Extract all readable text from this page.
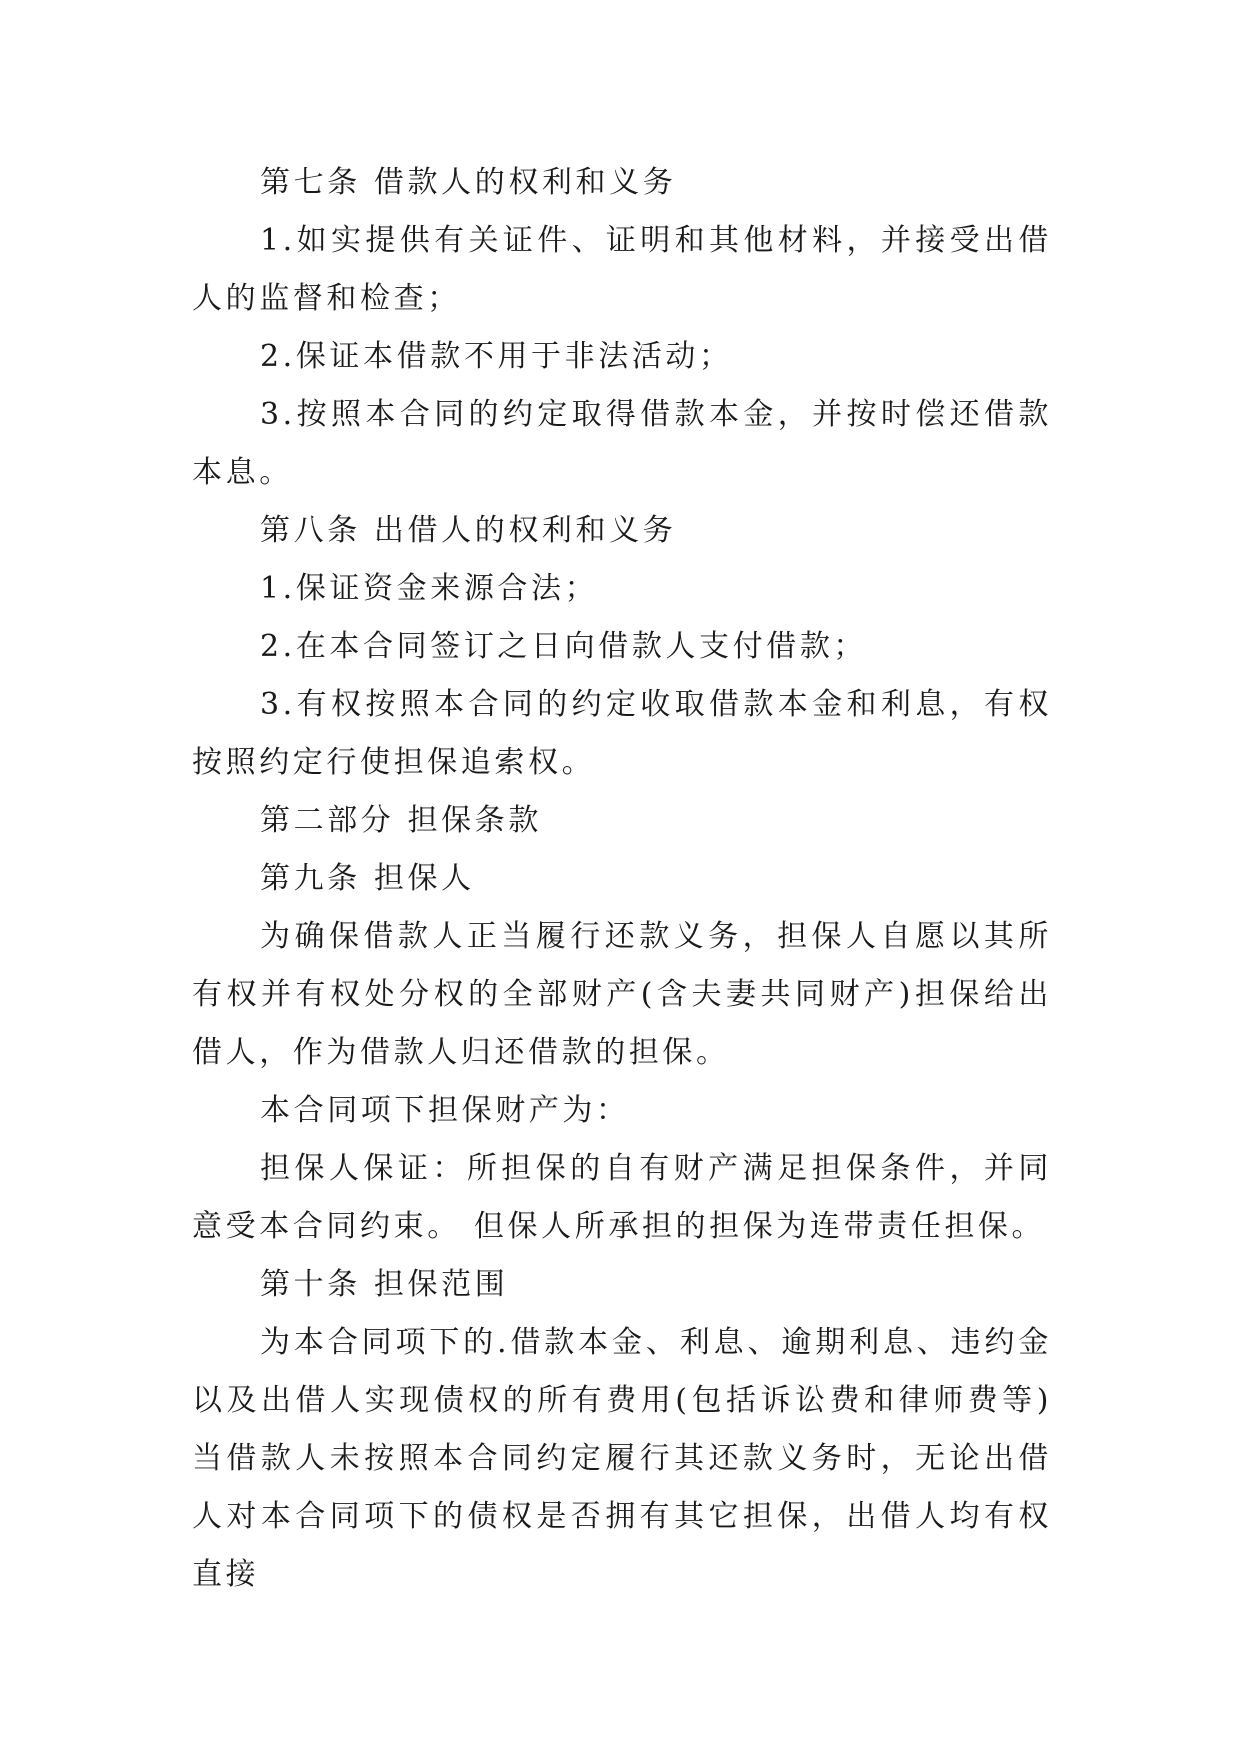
第七条 借款人的权利和义务

1.如实提供有关证件、证明和其他材料，并接受出借人的监督和检查；

2.保证本借款不用于非法活动；

3.按照本合同的约定取得借款本金，并按时偿还借款本息。

第八条 出借人的权利和义务

1.保证资金来源合法；

2.在本合同签订之日向借款人支付借款；

3.有权按照本合同的约定收取借款本金和利息，有权按照约定行使担保追索权。

第二部分 担保条款

第九条 担保人

为确保借款人正当履行还款义务，担保人自愿以其所有权并有权处分权的全部财产(含夫妻共同财产)担保给出借人，作为借款人归还借款的担保。

本合同项下担保财产为：

担保人保证：所担保的自有财产满足担保条件，并同意受本合同约束。 但保人所承担的担保为连带责任担保。

第十条 担保范围

为本合同项下的.借款本金、利息、逾期利息、违约金以及出借人实现债权的所有费用(包括诉讼费和律师费等)当借款人未按照本合同约定履行其还款义务时，无论出借人对本合同项下的债权是否拥有其它担保，出借人均有权直接
